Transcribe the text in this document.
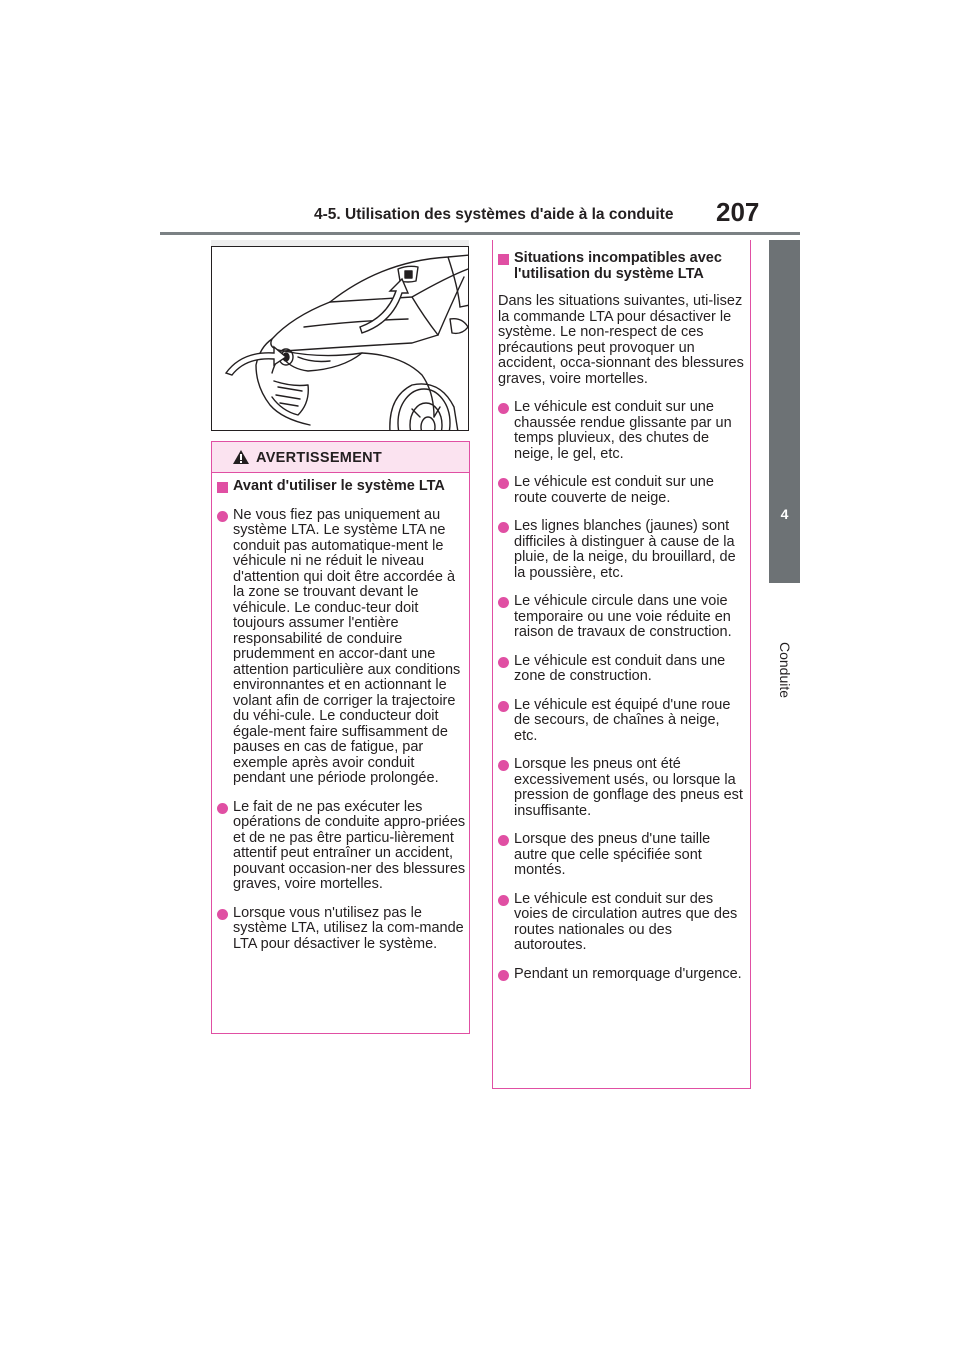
4-5. Utilisation des systèmes d'aide à la conduite 207
4
Conduite
AVERTISSEMENT
Avant d'utiliser le système LTA
Ne vous fiez pas uniquement au système LTA. Le système LTA ne conduit pas automatique-ment le véhicule ni ne réduit le niveau d'attention qui doit être accordée à la zone se trouvant devant le véhicule. Le conduc-teur doit toujours assumer l'entière responsabilité de conduire prudemment en accor-dant une attention particulière aux conditions environnantes et en actionnant le volant afin de corriger la trajectoire du véhi-cule. Le conducteur doit égale-ment faire suffisamment de pauses en cas de fatigue, par exemple après avoir conduit pendant une période prolongée.
Le fait de ne pas exécuter les opérations de conduite appro-priées et de ne pas être particu-lièrement attentif peut entraîner un accident, pouvant occasion-ner des blessures graves, voire mortelles.
Lorsque vous n'utilisez pas le système LTA, utilisez la com-mande LTA pour désactiver le système.
Situations incompatibles avec l'utilisation du système LTA
Dans les situations suivantes, uti-lisez la commande LTA pour désactiver le système. Le non-respect de ces précautions peut provoquer un accident, occa-sionnant des blessures graves, voire mortelles.
Le véhicule est conduit sur une chaussée rendue glissante par un temps pluvieux, des chutes de neige, le gel, etc.
Le véhicule est conduit sur une route couverte de neige.
Les lignes blanches (jaunes) sont difficiles à distinguer à cause de la pluie, de la neige, du brouillard, de la poussière, etc.
Le véhicule circule dans une voie temporaire ou une voie réduite en raison de travaux de construction.
Le véhicule est conduit dans une zone de construction.
Le véhicule est équipé d'une roue de secours, de chaînes à neige, etc.
Lorsque les pneus ont été excessivement usés, ou lorsque la pression de gonflage des pneus est insuffisante.
Lorsque des pneus d'une taille autre que celle spécifiée sont montés.
Le véhicule est conduit sur des voies de circulation autres que des routes nationales ou des autoroutes.
Pendant un remorquage d'urgence.
